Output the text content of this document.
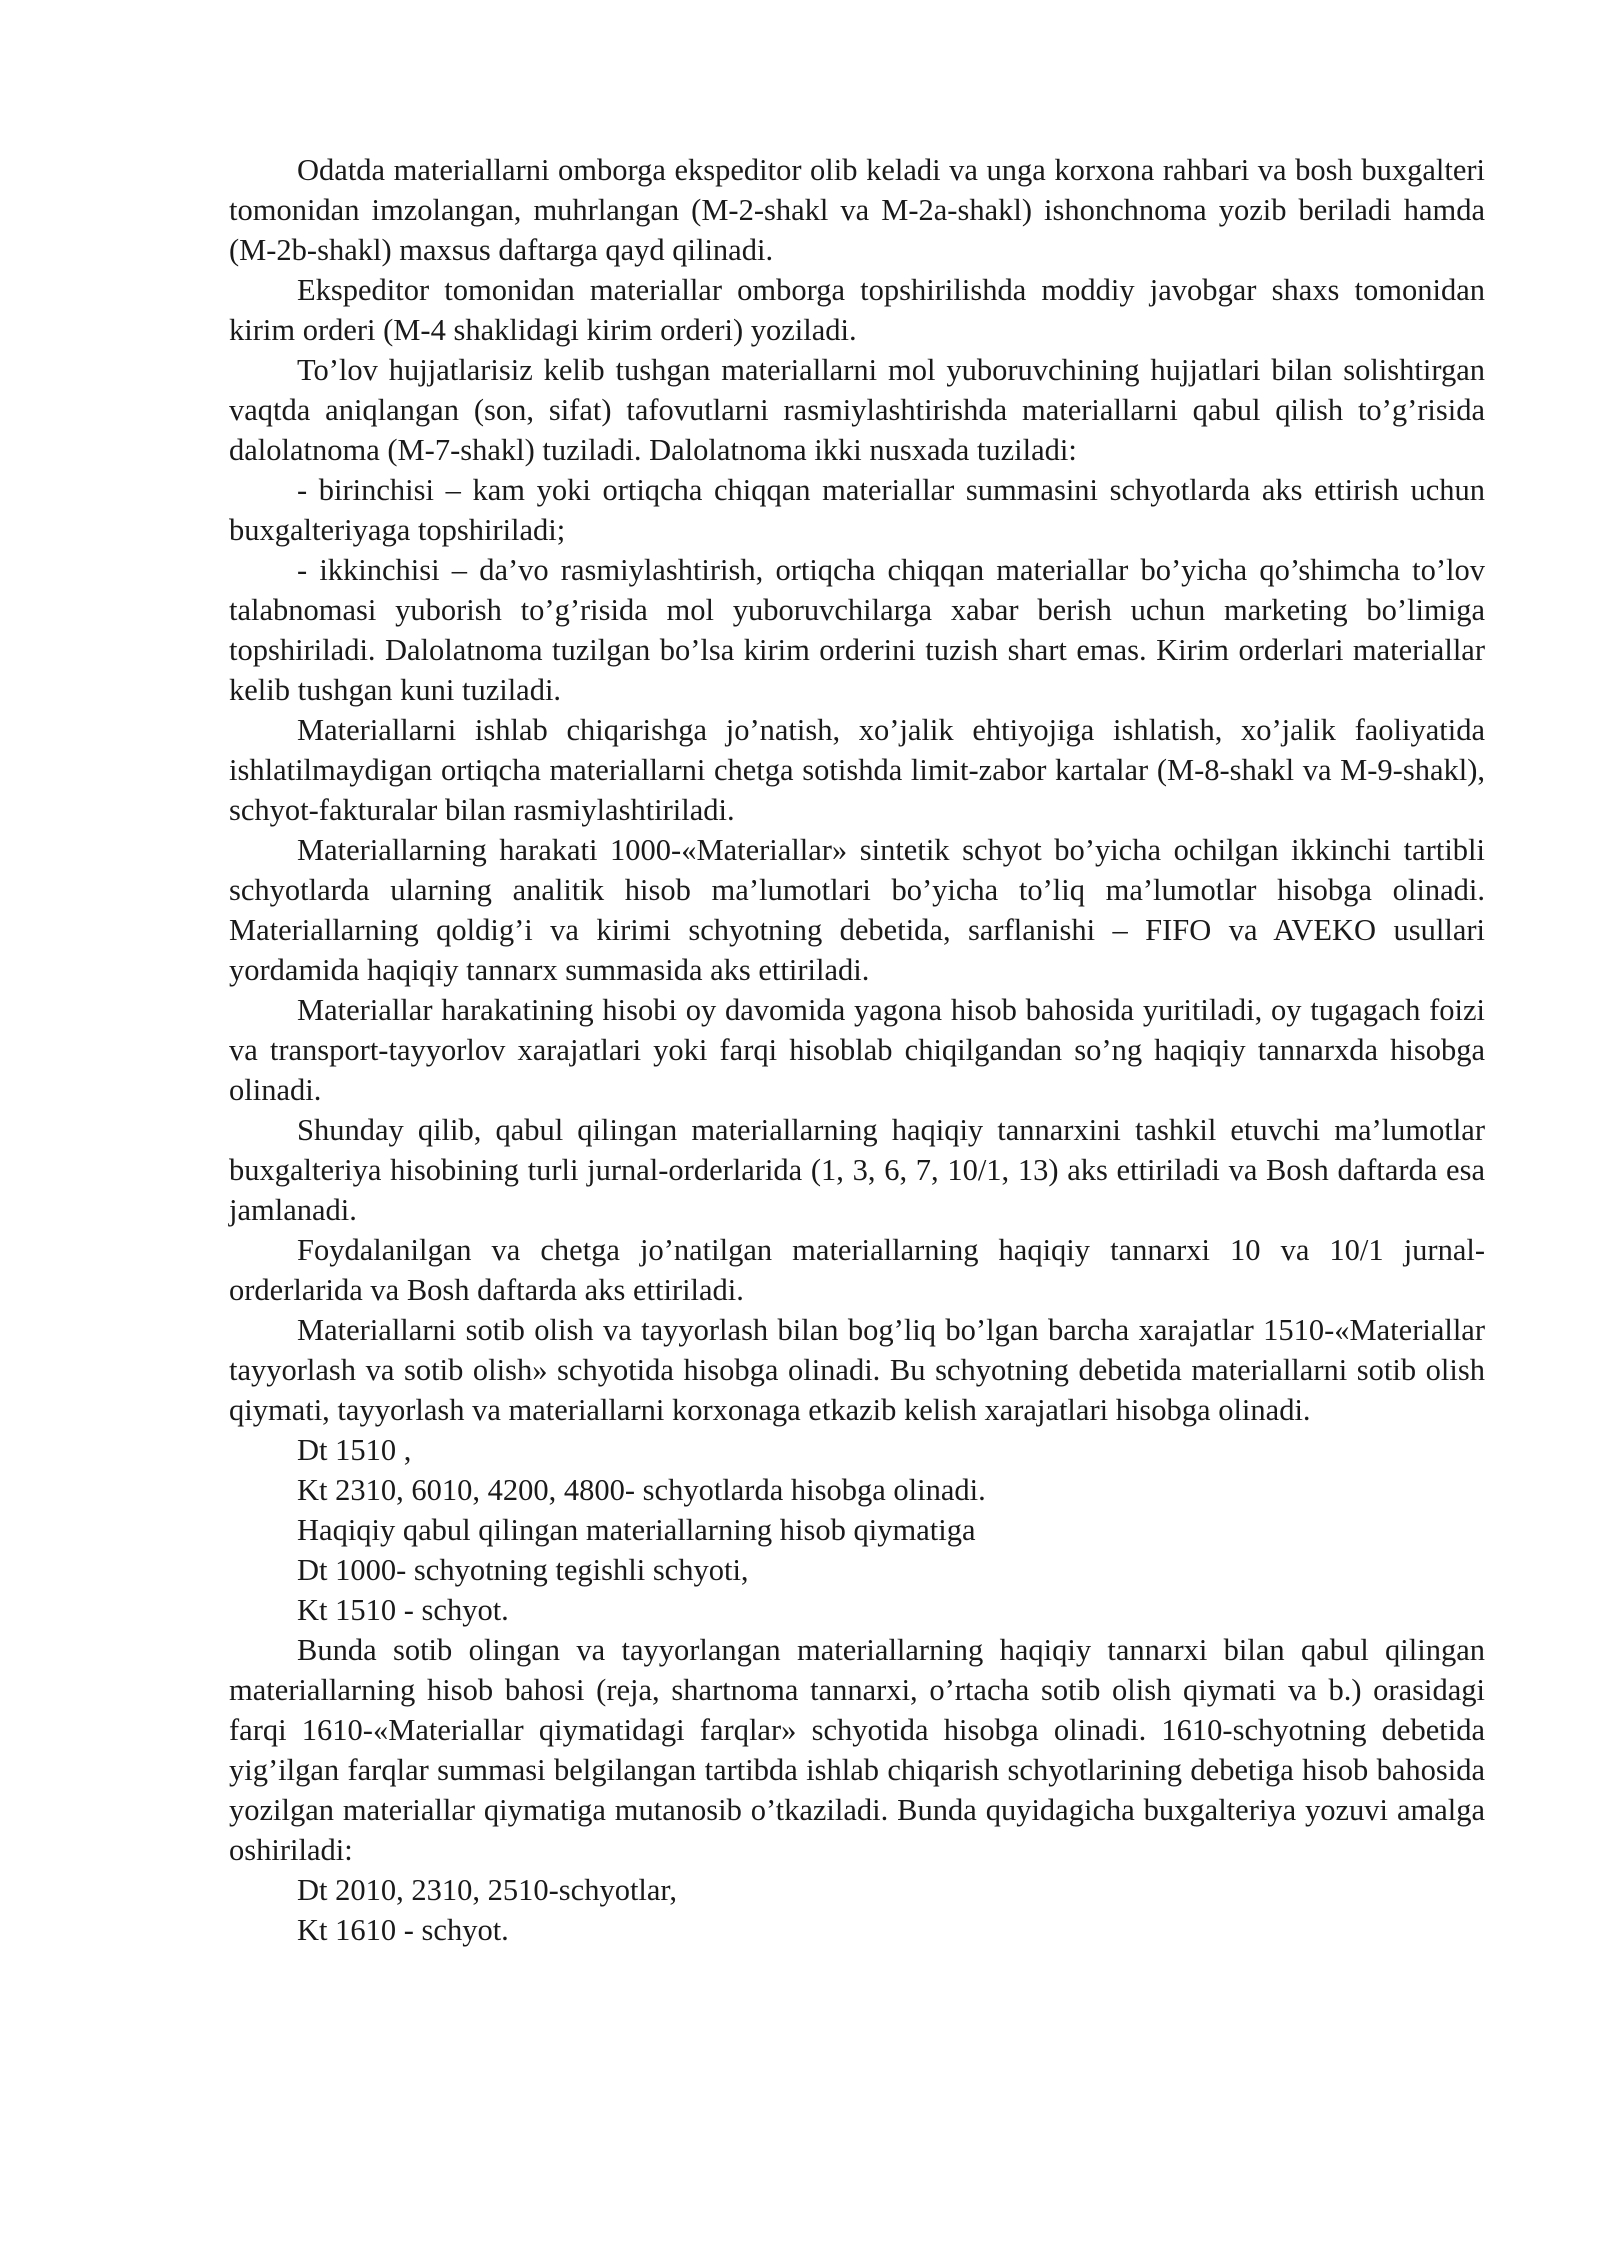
Odatda materiallarni omborga ekspeditor olib keladi va unga korxona rahbari va bosh buxgalteri tomonidan imzolangan, muhrlangan (M-2-shakl va M-2a-shakl) ishonchnoma yozib beriladi hamda (M-2b-shakl) maxsus daftarga qayd qilinadi.

Ekspeditor tomonidan materiallar omborga topshirilishda moddiy javobgar shaxs tomonidan kirim orderi (M-4 shaklidagi kirim orderi) yoziladi.

To’lov hujjatlarisiz kelib tushgan materiallarni mol yuboruvchining hujjatlari bilan solishtirgan vaqtda aniqlangan (son, sifat) tafovutlarni rasmiylashtirishda materiallarni qabul qilish to’g’risida dalolatnoma (M-7-shakl) tuziladi. Dalolatnoma ikki nusxada tuziladi:

- birinchisi – kam yoki ortiqcha chiqqan materiallar summasini schyotlarda aks ettirish uchun buxgalteriyaga topshiriladi;

- ikkinchisi – da’vo rasmiylashtirish, ortiqcha chiqqan materiallar bo’yicha qo’shimcha to’lov talabnomasi yuborish to’g’risida mol yuboruvchilarga xabar berish uchun marketing bo’limiga topshiriladi. Dalolatnoma tuzilgan bo’lsa kirim orderini tuzish shart emas. Kirim orderlari materiallar kelib tushgan kuni tuziladi.

Materiallarni ishlab chiqarishga jo’natish, xo’jalik ehtiyojiga ishlatish, xo’jalik faoliyatida ishlatilmaydigan ortiqcha materiallarni chetga sotishda limit-zabor kartalar (M-8-shakl va M-9-shakl), schyot-fakturalar bilan rasmiylashtiriladi.

Materiallarning harakati 1000-«Materiallar» sintetik schyot bo’yicha ochilgan ikkinchi tartibli schyotlarda ularning analitik hisob ma’lumotlari bo’yicha to’liq ma’lumotlar hisobga olinadi. Materiallarning qoldig’i va kirimi schyotning debetida, sarflanishi – FIFO va AVEKO usullari yordamida haqiqiy tannarx summasida aks ettiriladi.

Materiallar harakatining hisobi oy davomida yagona hisob bahosida yuritiladi, oy tugagach foizi va transport-tayyorlov xarajatlari yoki farqi hisoblab chiqilgandan so’ng haqiqiy tannarxda hisobga olinadi.

Shunday qilib, qabul qilingan materiallarning haqiqiy tannarxini tashkil etuvchi ma’lumotlar buxgalteriya hisobining turli jurnal-orderlarida (1, 3, 6, 7, 10/1, 13) aks ettiriladi va Bosh daftarda esa jamlanadi.

Foydalanilgan va chetga jo’natilgan materiallarning haqiqiy tannarxi 10 va 10/1 jurnal-orderlarida va Bosh daftarda aks ettiriladi.

Materiallarni sotib olish va tayyorlash bilan bog’liq bo’lgan barcha xarajatlar 1510-«Materiallar tayyorlash va sotib olish» schyotida hisobga olinadi. Bu schyotning debetida materiallarni sotib olish qiymati, tayyorlash va materiallarni korxonaga etkazib kelish xarajatlari hisobga olinadi.

Dt 1510 ,

Kt 2310, 6010, 4200, 4800- schyotlarda hisobga olinadi.

Haqiqiy qabul qilingan materiallarning hisob qiymatiga

Dt 1000- schyotning tegishli schyoti,

Kt 1510 - schyot.

Bunda sotib olingan va tayyorlangan materiallarning haqiqiy tannarxi bilan qabul qilingan materiallarning hisob bahosi (reja, shartnoma tannarxi, o’rtacha sotib olish qiymati va b.) orasidagi farqi 1610-«Materiallar qiymatidagi farqlar» schyotida hisobga olinadi. 1610-schyotning debetida yig’ilgan farqlar summasi belgilangan tartibda ishlab chiqarish schyotlarining debetiga hisob bahosida yozilgan materiallar qiymatiga mutanosib o’tkaziladi. Bunda quyidagicha buxgalteriya yozuvi amalga oshiriladi:

Dt 2010, 2310, 2510-schyotlar,

Kt 1610 - schyot.
